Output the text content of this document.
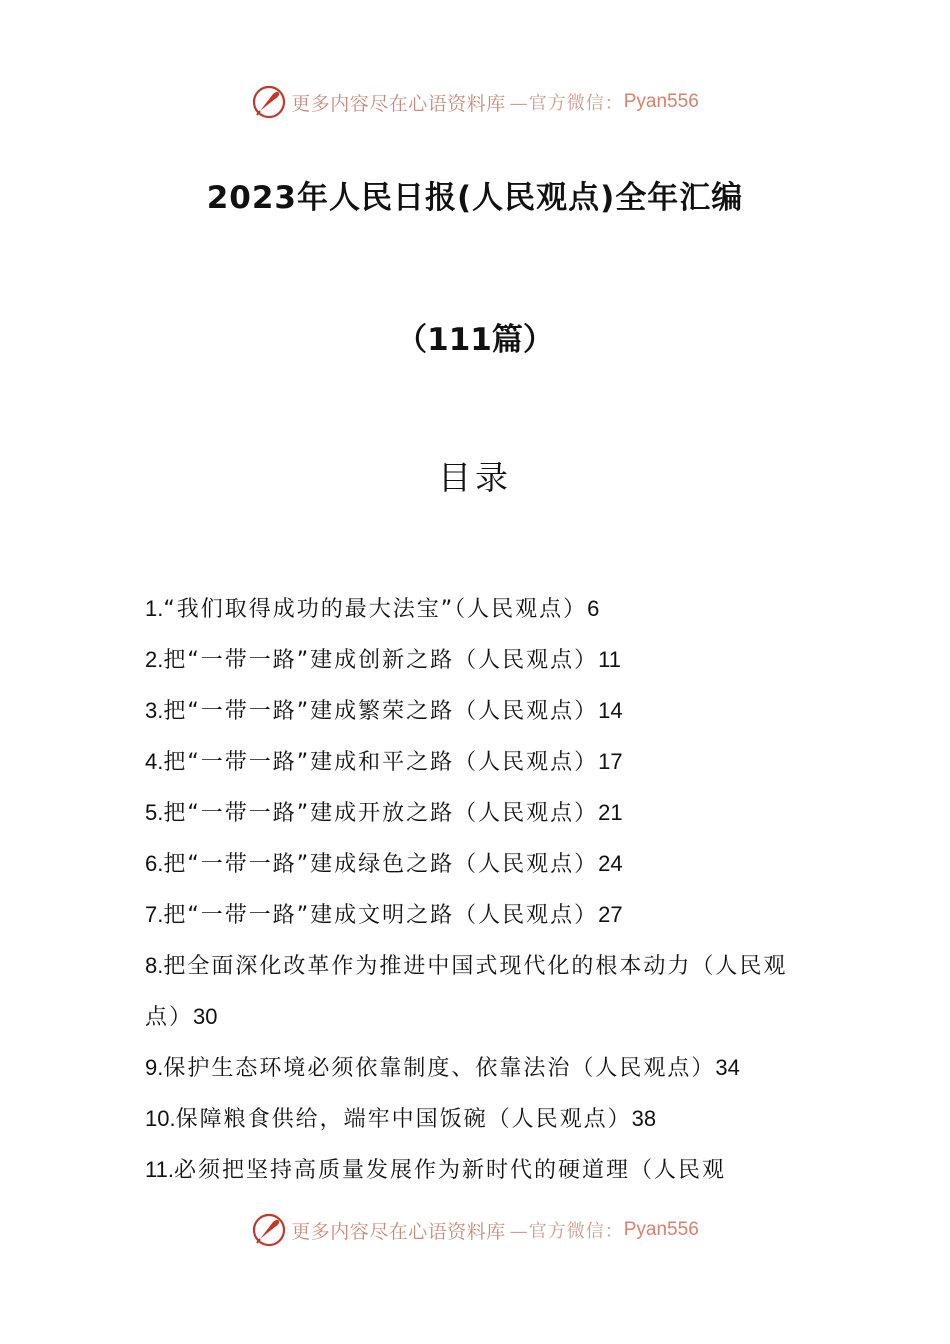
更多内容尽在心语资料库 —官方微信： Pyan556
2023年人民日报(人民观点)全年汇编
（111篇）
目录
1.“我们取得成功的最大法宝”（人民观点）6
2.把“一带一路”建成创新之路（人民观点）11
3.把“一带一路”建成繁荣之路（人民观点）14
4.把“一带一路”建成和平之路（人民观点）17
5.把“一带一路”建成开放之路（人民观点）21
6.把“一带一路”建成绿色之路（人民观点）24
7.把“一带一路”建成文明之路（人民观点）27
8.把全面深化改革作为推进中国式现代化的根本动力（人民观点）30
9.保护生态环境必须依靠制度、依靠法治（人民观点）34
10.保障粮食供给，端牢中国饭碗（人民观点）38
11.必须把坚持高质量发展作为新时代的硬道理（人民观
更多内容尽在心语资料库 —官方微信： Pyan556
